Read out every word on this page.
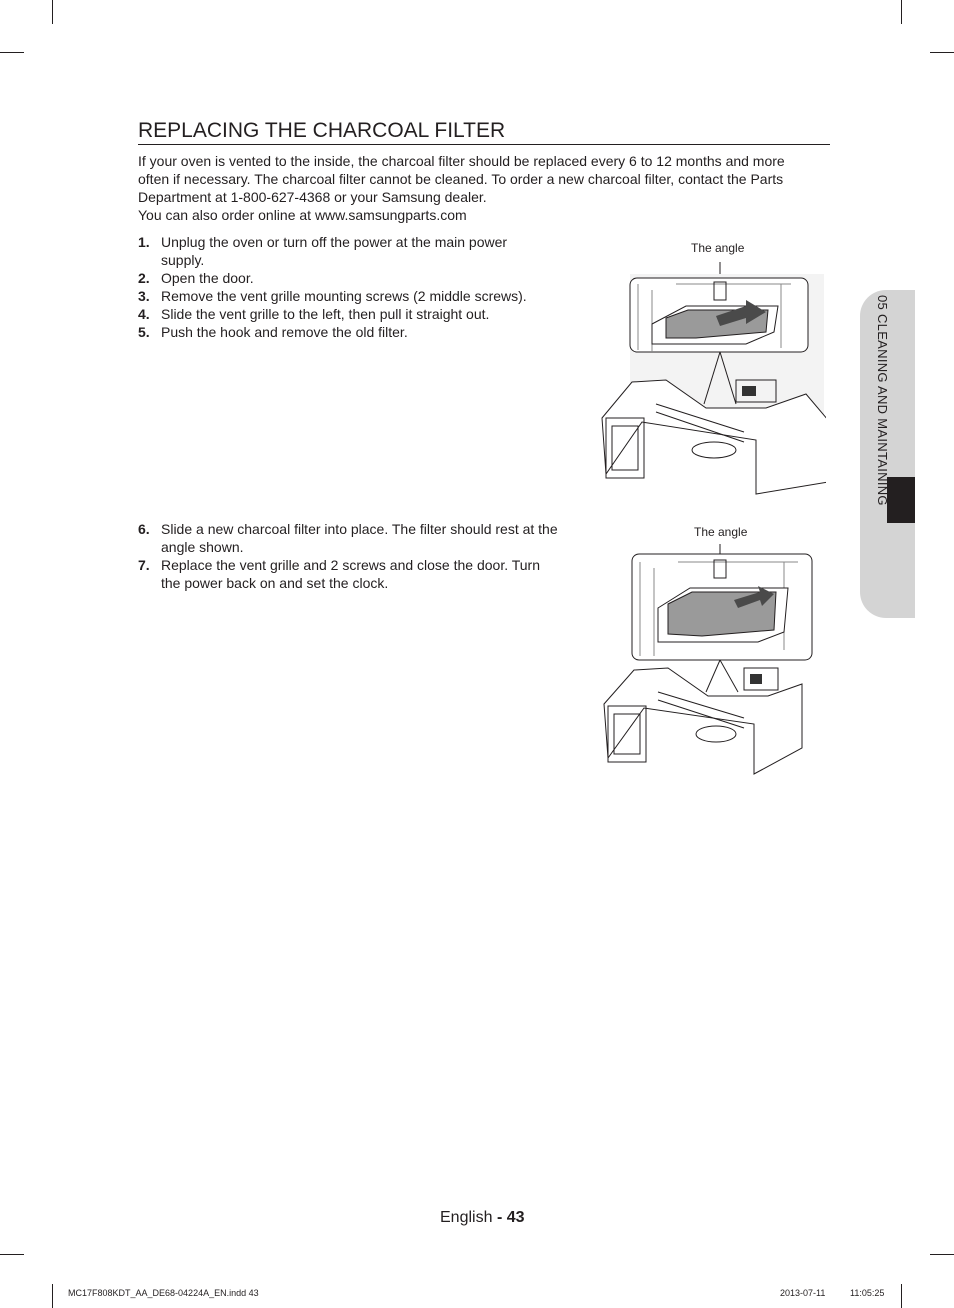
REPLACING THE CHARCOAL FILTER

If your oven is vented to the inside, the charcoal filter should be replaced every 6 to 12 months and more
often if necessary. The charcoal filter cannot be cleaned. To order a new charcoal filter, contact the Parts
Department at 1-800-627-4368 or your Samsung dealer.
You can also order online at www.samsungparts.com

1. Unplug the oven or turn off the power at the main power supply.
2. Open the door.
3. Remove the vent grille mounting screws (2 middle screws).
4. Slide the vent grille to the left, then pull it straight out.
5. Push the hook and remove the old filter.
6. Slide a new charcoal filter into place. The filter should rest at the angle shown.
7. Replace the vent grille and 2 screws and close the door. Turn the power back on and set the clock.
The angle
The angle
05 CLEANING AND MAINTAINING
English - 43
MC17F808KDT_AA_DE68-04224A_EN.indd 43	2013-07-11	11:05:25
